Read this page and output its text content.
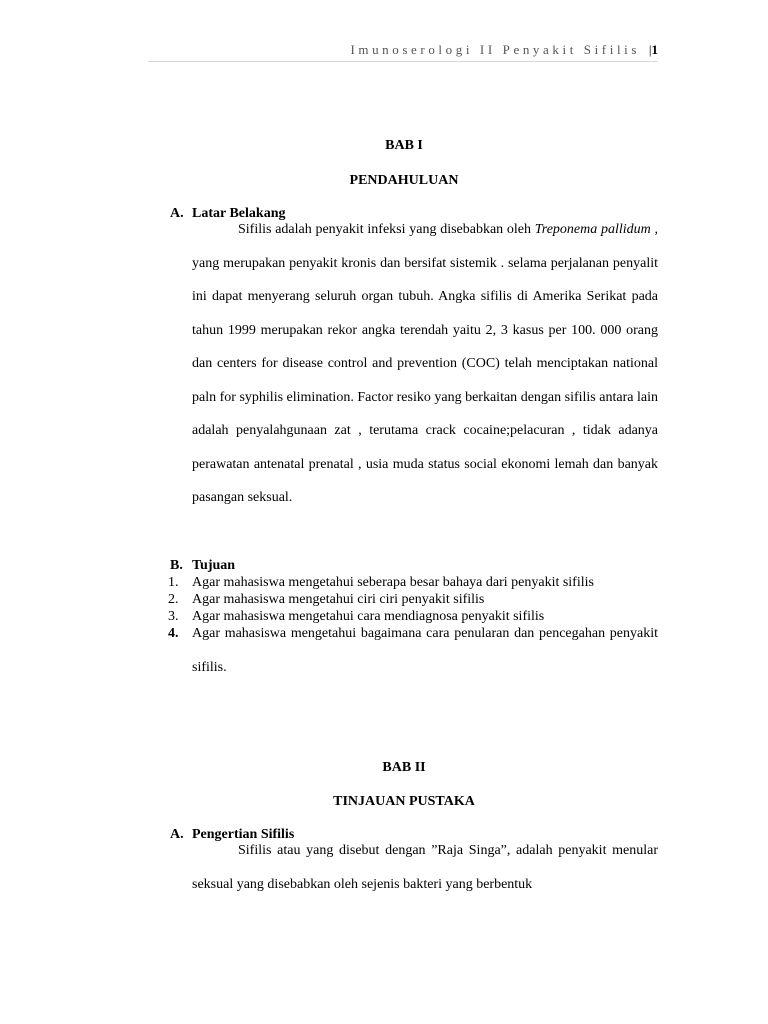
Imunoserologi II Penyakit Sifilis |1
BAB I
PENDAHULUAN
A. Latar Belakang
Sifilis adalah penyakit infeksi yang disebabkan oleh Treponema pallidum , yang merupakan penyakit kronis dan bersifat sistemik . selama perjalanan penyalit ini dapat menyerang seluruh organ tubuh. Angka sifilis di Amerika Serikat pada tahun 1999 merupakan rekor angka terendah yaitu 2, 3 kasus per 100. 000 orang dan centers for disease control and prevention (COC) telah menciptakan national paln for syphilis elimination. Factor resiko yang berkaitan dengan sifilis antara lain adalah penyalahgunaan zat , terutama crack cocaine;pelacuran , tidak adanya perawatan antenatal prenatal , usia muda status social ekonomi lemah dan banyak pasangan seksual.
B. Tujuan
1. Agar mahasiswa mengetahui seberapa besar bahaya dari penyakit sifilis
2. Agar mahasiswa mengetahui ciri ciri penyakit sifilis
3. Agar mahasiswa mengetahui cara mendiagnosa penyakit sifilis
4. Agar mahasiswa mengetahui bagaimana cara penularan dan pencegahan penyakit sifilis.
BAB II
TINJAUAN PUSTAKA
A. Pengertian Sifilis
Sifilis atau yang disebut dengan ”Raja Singa”, adalah penyakit menular seksual yang disebabkan oleh sejenis bakteri yang berbentuk
